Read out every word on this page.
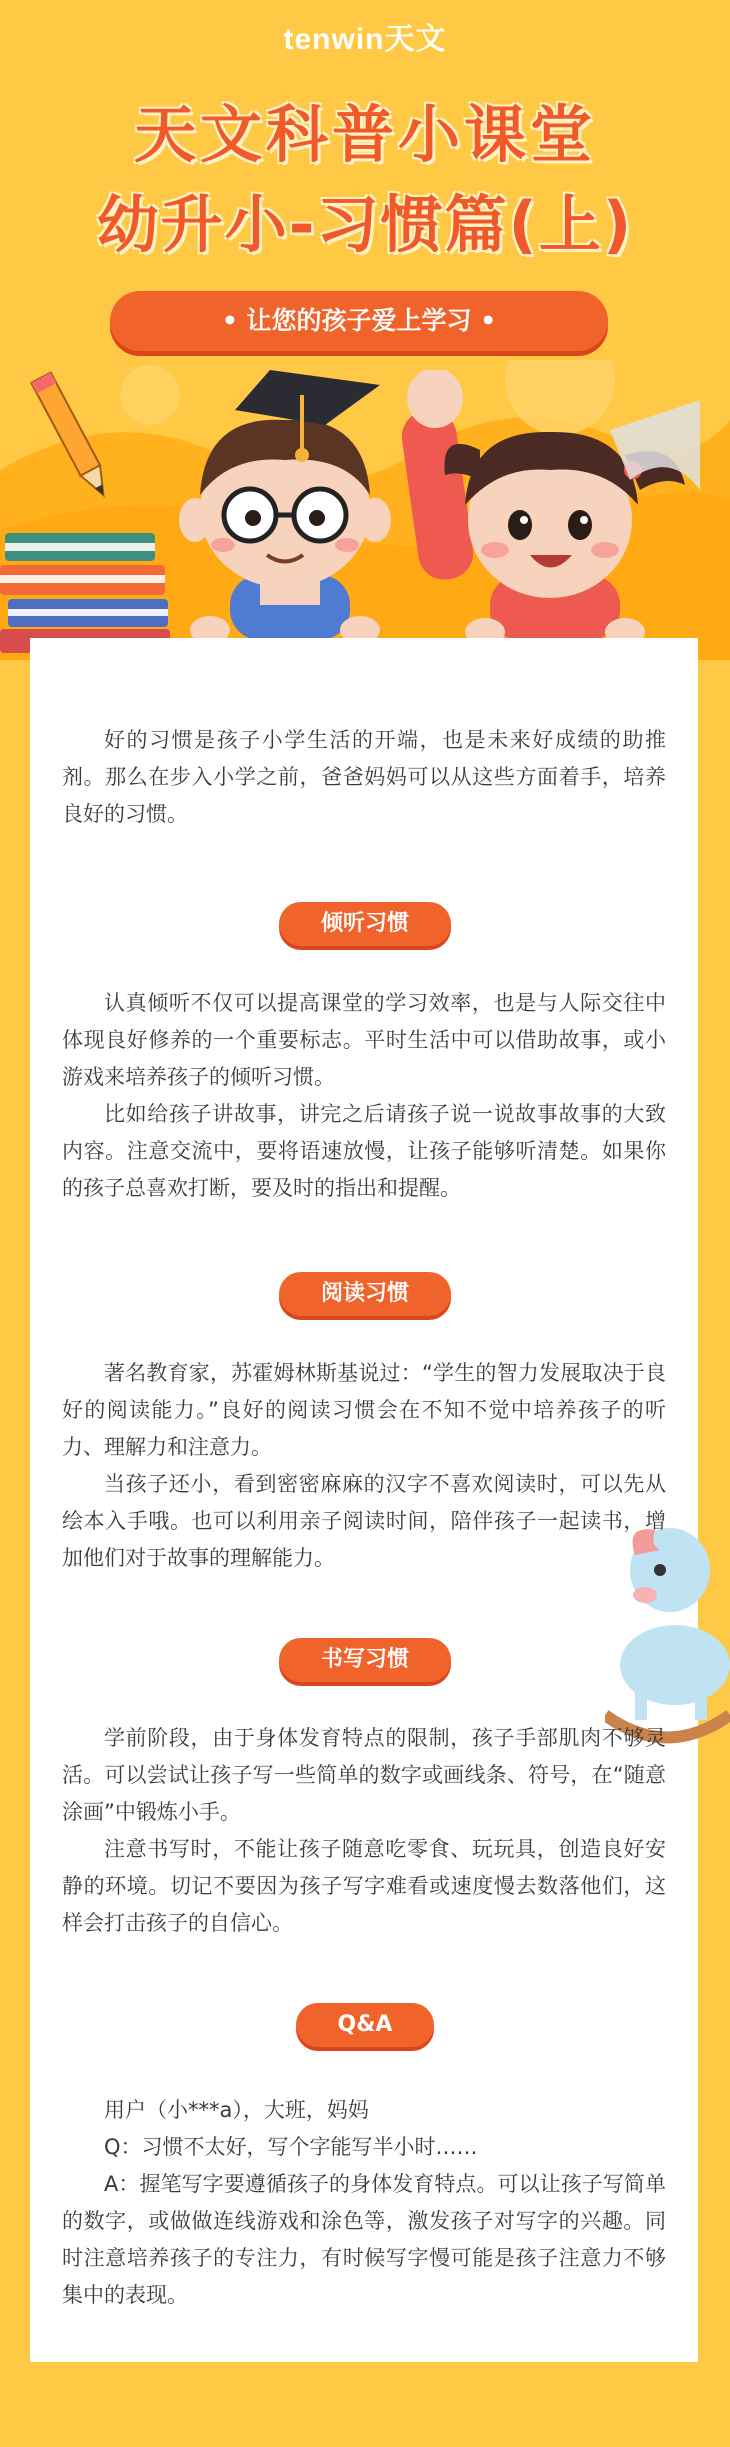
tenwin天文
天文科普小课堂
幼升小-习惯篇(上)
• 让您的孩子爱上学习 •

好的习惯是孩子小学生活的开端，也是未来好成绩的助推剂。那么在步入小学之前，爸爸妈妈可以从这些方面着手，培养良好的习惯。

倾听习惯

认真倾听不仅可以提高课堂的学习效率，也是与人际交往中体现良好修养的一个重要标志。平时生活中可以借助故事，或小游戏来培养孩子的倾听习惯。

比如给孩子讲故事，讲完之后请孩子说一说故事故事的大致内容。注意交流中，要将语速放慢，让孩子能够听清楚。如果你的孩子总喜欢打断，要及时的指出和提醒。

阅读习惯

著名教育家，苏霍姆林斯基说过：“学生的智力发展取决于良好的阅读能力。”良好的阅读习惯会在不知不觉中培养孩子的听力、理解力和注意力。

当孩子还小，看到密密麻麻的汉字不喜欢阅读时，可以先从绘本入手哦。也可以利用亲子阅读时间，陪伴孩子一起读书，增加他们对于故事的理解能力。

书写习惯

学前阶段，由于身体发育特点的限制，孩子手部肌肉不够灵活。可以尝试让孩子写一些简单的数字或画线条、符号，在“随意涂画”中锻炼小手。

注意书写时，不能让孩子随意吃零食、玩玩具，创造良好安静的环境。切记不要因为孩子写字难看或速度慢去数落他们，这样会打击孩子的自信心。

Q&A

用户（小***a），大班，妈妈

Q：习惯不太好，写个字能写半小时……

A：握笔写字要遵循孩子的身体发育特点。可以让孩子写简单的数字，或做做连线游戏和涂色等，激发孩子对写字的兴趣。同时注意培养孩子的专注力，有时候写字慢可能是孩子注意力不够集中的表现。
